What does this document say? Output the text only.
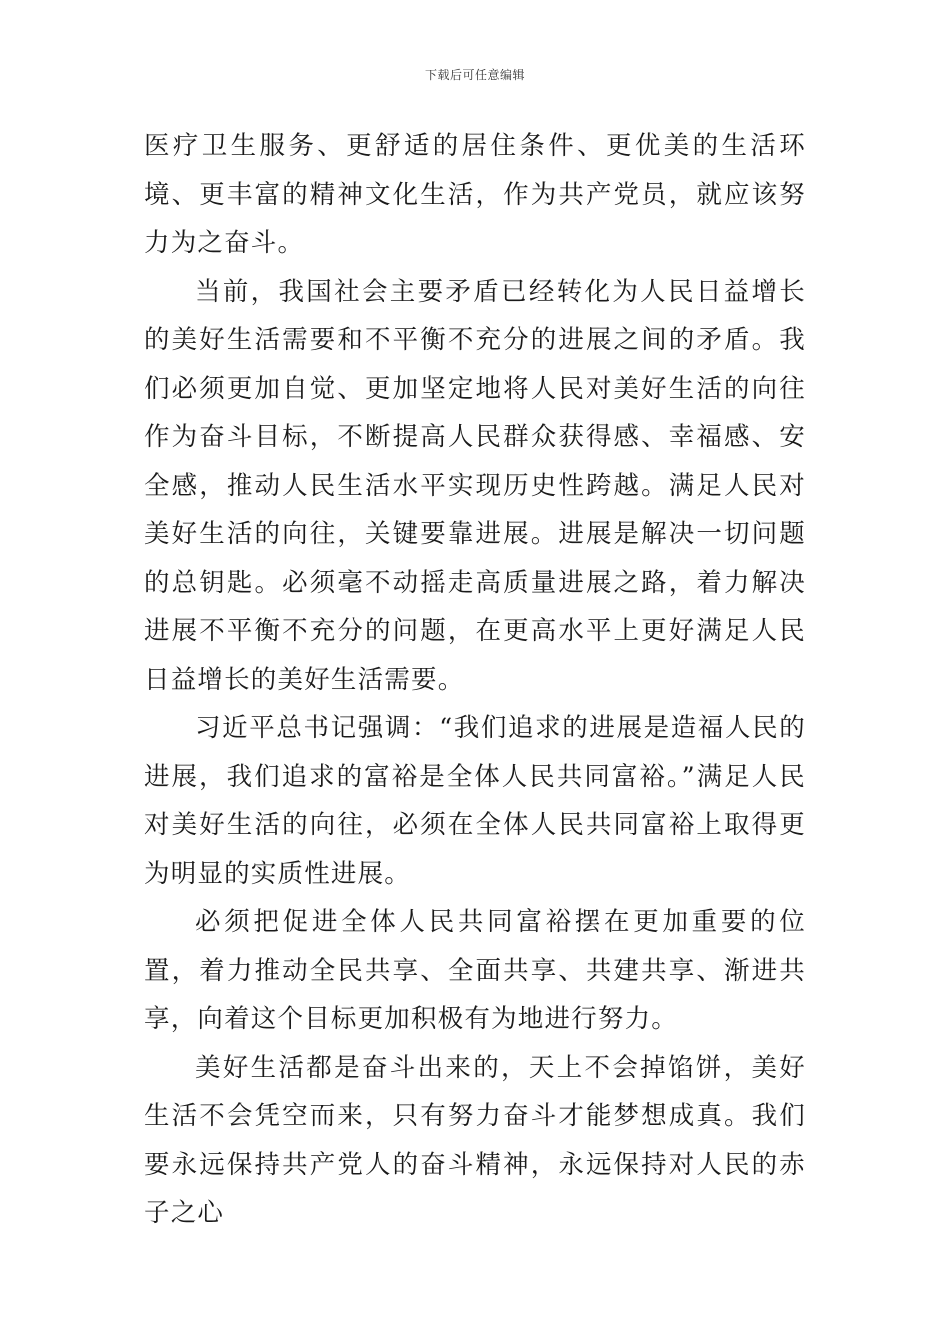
下载后可任意编辑

医疗卫生服务、更舒适的居住条件、更优美的生活环境、更丰富的精神文化生活，作为共产党员，就应该努力为之奋斗。

当前，我国社会主要矛盾已经转化为人民日益增长的美好生活需要和不平衡不充分的进展之间的矛盾。我们必须更加自觉、更加坚定地将人民对美好生活的向往作为奋斗目标，不断提高人民群众获得感、幸福感、安全感，推动人民生活水平实现历史性跨越。满足人民对美好生活的向往，关键要靠进展。进展是解决一切问题的总钥匙。必须毫不动摇走高质量进展之路，着力解决进展不平衡不充分的问题，在更高水平上更好满足人民日益增长的美好生活需要。

习近平总书记强调：“我们追求的进展是造福人民的进展，我们追求的富裕是全体人民共同富裕。”满足人民对美好生活的向往，必须在全体人民共同富裕上取得更为明显的实质性进展。

必须把促进全体人民共同富裕摆在更加重要的位置，着力推动全民共享、全面共享、共建共享、渐进共享，向着这个目标更加积极有为地进行努力。

美好生活都是奋斗出来的，天上不会掉馅饼，美好生活不会凭空而来，只有努力奋斗才能梦想成真。我们要永远保持共产党人的奋斗精神，永远保持对人民的赤子之心
